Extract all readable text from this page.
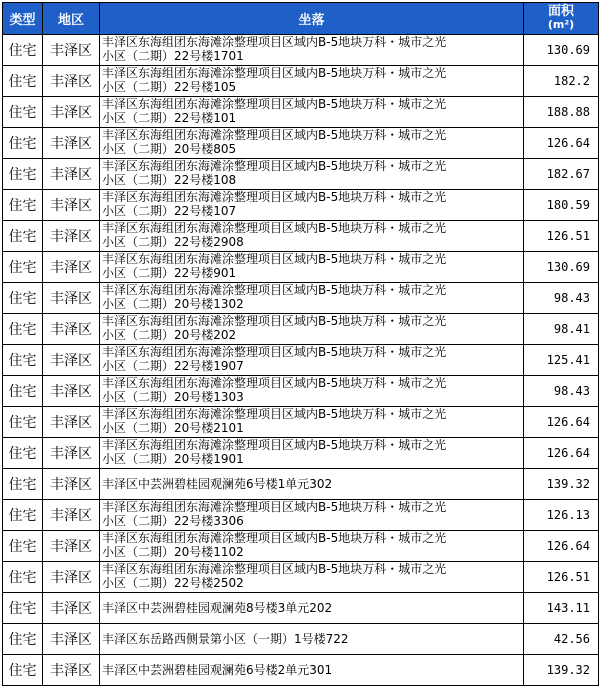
类型	地区	坐落	面积
(m²)

住宅	丰泽区	丰泽区东海组团东海滩涂整理项目区域内B-5地块万科・城市之光
小区（二期）22号楼1701	130.69
住宅	丰泽区	丰泽区东海组团东海滩涂整理项目区域内B-5地块万科・城市之光
小区（二期）22号楼105	182.2
住宅	丰泽区	丰泽区东海组团东海滩涂整理项目区域内B-5地块万科・城市之光
小区（二期）22号楼101	188.88
住宅	丰泽区	丰泽区东海组团东海滩涂整理项目区域内B-5地块万科・城市之光
小区（二期）20号楼805	126.64
住宅	丰泽区	丰泽区东海组团东海滩涂整理项目区域内B-5地块万科・城市之光
小区（二期）22号楼108	182.67
住宅	丰泽区	丰泽区东海组团东海滩涂整理项目区域内B-5地块万科・城市之光
小区（二期）22号楼107	180.59
住宅	丰泽区	丰泽区东海组团东海滩涂整理项目区域内B-5地块万科・城市之光
小区（二期）22号楼2908	126.51
住宅	丰泽区	丰泽区东海组团东海滩涂整理项目区域内B-5地块万科・城市之光
小区（二期）22号楼901	130.69
住宅	丰泽区	丰泽区东海组团东海滩涂整理项目区域内B-5地块万科・城市之光
小区（二期）20号楼1302	98.43
住宅	丰泽区	丰泽区东海组团东海滩涂整理项目区域内B-5地块万科・城市之光
小区（二期）20号楼202	98.41
住宅	丰泽区	丰泽区东海组团东海滩涂整理项目区域内B-5地块万科・城市之光
小区（二期）22号楼1907	125.41
住宅	丰泽区	丰泽区东海组团东海滩涂整理项目区域内B-5地块万科・城市之光
小区（二期）20号楼1303	98.43
住宅	丰泽区	丰泽区东海组团东海滩涂整理项目区域内B-5地块万科・城市之光
小区（二期）20号楼2101	126.64
住宅	丰泽区	丰泽区东海组团东海滩涂整理项目区域内B-5地块万科・城市之光
小区（二期）20号楼1901	126.64
住宅	丰泽区	丰泽区中芸洲碧桂园观澜苑6号楼1单元302	139.32
住宅	丰泽区	丰泽区东海组团东海滩涂整理项目区域内B-5地块万科・城市之光
小区（二期）22号楼3306	126.13
住宅	丰泽区	丰泽区东海组团东海滩涂整理项目区域内B-5地块万科・城市之光
小区（二期）20号楼1102	126.64
住宅	丰泽区	丰泽区东海组团东海滩涂整理项目区域内B-5地块万科・城市之光
小区（二期）22号楼2502	126.51
住宅	丰泽区	丰泽区中芸洲碧桂园观澜苑8号楼3单元202	143.11
住宅	丰泽区	丰泽区东岳路西侧景第小区（一期）1号楼722	42.56
住宅	丰泽区	丰泽区中芸洲碧桂园观澜苑6号楼2单元301	139.32
